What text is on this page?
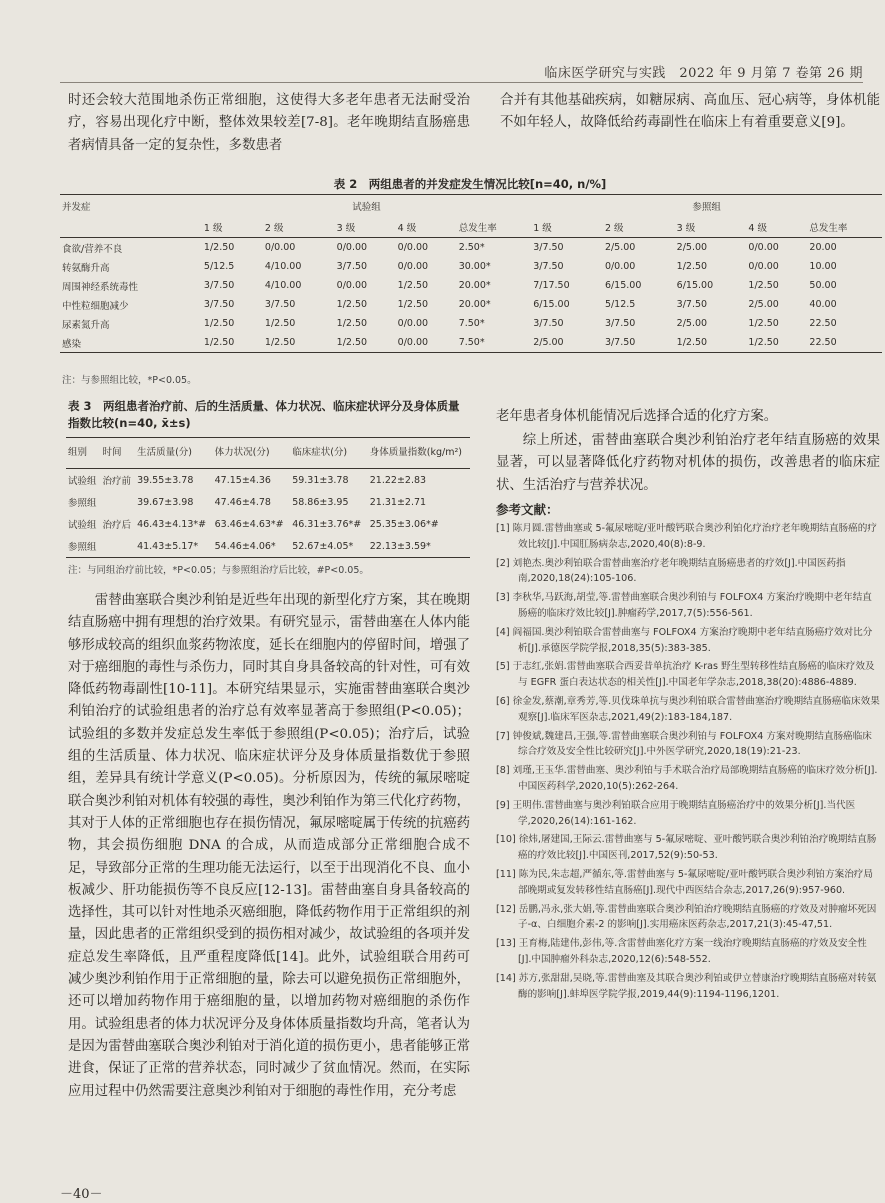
临床医学研究与实践　2022 年 9 月第 7 卷第 26 期
时还会较大范围地杀伤正常细胞，这使得大多老年患者无法耐受治疗，容易出现化疗中断，整体效果较差[7-8]。老年晚期结直肠癌患者病情具备一定的复杂性，多数患者
合并有其他基础疾病，如糖尿病、高血压、冠心病等，身体机能不如年轻人，故降低给药毒副性在临床上有着重要意义[9]。
表 2　两组患者的并发症发生情况比较[n=40, n/%]
并发症	试验组					参照组				
	1 级	2 级	3 级	4 级	总发生率	1 级	2 级	3 级	4 级	总发生率
食欲/营养不良	1/2.50	0/0.00	0/0.00	0/0.00	2.50*	3/7.50	2/5.00	2/5.00	0/0.00	20.00
转氨酶升高	5/12.5	4/10.00	3/7.50	0/0.00	30.00*	3/7.50	0/0.00	1/2.50	0/0.00	10.00
周围神经系统毒性	3/7.50	4/10.00	0/0.00	1/2.50	20.00*	7/17.50	6/15.00	6/15.00	1/2.50	50.00
中性粒细胞减少	3/7.50	3/7.50	1/2.50	1/2.50	20.00*	6/15.00	5/12.5	3/7.50	2/5.00	40.00
尿素氮升高	1/2.50	1/2.50	1/2.50	0/0.00	7.50*	3/7.50	3/7.50	2/5.00	1/2.50	22.50
感染	1/2.50	1/2.50	1/2.50	0/0.00	7.50*	2/5.00	3/7.50	1/2.50	1/2.50	22.50
注：与参照组比较，*P<0.05。
表 3　两组患者治疗前、后的生活质量、体力状况、临床症状评分及身体质量指数比较(n=40, x̄±s)
组别	时间	生活质量(分)	体力状况(分)	临床症状(分)	身体质量指数(kg/m²)
试验组	治疗前	39.55±3.78	47.15±4.36	59.31±3.78	21.22±2.83
参照组		39.67±3.98	47.46±4.78	58.86±3.95	21.31±2.71
试验组	治疗后	46.43±4.13*#	63.46±4.63*#	46.31±3.76*#	25.35±3.06*#
参照组		41.43±5.17*	54.46±4.06*	52.67±4.05*	22.13±3.59*
注：与同组治疗前比较，*P<0.05；与参照组治疗后比较，#P<0.05。
雷替曲塞联合奥沙利铂是近些年出现的新型化疗方案，其在晚期结直肠癌中拥有理想的治疗效果。有研究显示，雷替曲塞在人体内能够形成较高的组织血浆药物浓度，延长在细胞内的停留时间，增强了对于癌细胞的毒性与杀伤力，同时其自身具备较高的针对性，可有效降低药物毒副性[10-11]。本研究结果显示，实施雷替曲塞联合奥沙利铂治疗的试验组患者的治疗总有效率显著高于参照组(P<0.05)；试验组的多数并发症总发生率低于参照组(P<0.05)；治疗后，试验组的生活质量、体力状况、临床症状评分及身体质量指数优于参照组，差异具有统计学意义(P<0.05)。分析原因为，传统的氟尿嘧啶联合奥沙利铂对机体有较强的毒性，奥沙利铂作为第三代化疗药物，其对于人体的正常细胞也存在损伤情况，氟尿嘧啶属于传统的抗癌药物，其会损伤细胞 DNA 的合成，从而造成部分正常细胞合成不足，导致部分正常的生理功能无法运行，以至于出现消化不良、血小板减少、肝功能损伤等不良反应[12-13]。雷替曲塞自身具备较高的选择性，其可以针对性地杀灭癌细胞，降低药物作用于正常组织的剂量，因此患者的正常组织受到的损伤相对减少，故试验组的各项并发症总发生率降低，且严重程度降低[14]。此外，试验组联合用药可减少奥沙利铂作用于正常细胞的量，除去可以避免损伤正常细胞外，还可以增加药物作用于癌细胞的量，以增加药物对癌细胞的杀伤作用。试验组患者的体力状况评分及身体体质量指数均升高，笔者认为是因为雷替曲塞联合奥沙利铂对于消化道的损伤更小，患者能够正常进食，保证了正常的营养状态，同时减少了贫血情况。然而，在实际应用过程中仍然需要注意奥沙利铂对于细胞的毒性作用，充分考虑
老年患者身体机能情况后选择合适的化疗方案。
综上所述，雷替曲塞联合奥沙利铂治疗老年结直肠癌的效果显著，可以显著降低化疗药物对机体的损伤，改善患者的临床症状、生活治疗与营养状况。
参考文献：
[1] 陈月圆.雷替曲塞或 5-氟尿嘧啶/亚叶酸钙联合奥沙利铂化疗治疗老年晚期结直肠癌的疗效比较[J].中国肛肠病杂志,2020,40(8):8-9.
[2] 刘艳杰.奥沙利铂联合雷替曲塞治疗老年晚期结直肠癌患者的疗效[J].中国医药指南,2020,18(24):105-106.
[3] 李秋华,马跃海,胡莹,等.雷替曲塞联合奥沙利铂与 FOLFOX4 方案治疗晚期中老年结直肠癌的临床疗效比较[J].肿瘤药学,2017,7(5):556-561.
[4] 阎福国.奥沙利铂联合雷替曲塞与 FOLFOX4 方案治疗晚期中老年结直肠癌疗效对比分析[J].承德医学院学报,2018,35(5):383-385.
[5] 于志红,张娟.雷替曲塞联合西妥昔单抗治疗 K-ras 野生型转移性结直肠癌的临床疗效及与 EGFR 蛋白表达状态的相关性[J].中国老年学杂志,2018,38(20):4886-4889.
[6] 徐金发,蔡潮,章秀芳,等.贝伐珠单抗与奥沙利铂联合雷替曲塞治疗晚期结直肠癌临床效果观察[J].临床军医杂志,2021,49(2):183-184,187.
[7] 钟俊斌,魏建昌,王强,等.雷替曲塞联合奥沙利铂与 FOLFOX4 方案对晚期结直肠癌临床综合疗效及安全性比较研究[J].中外医学研究,2020,18(19):21-23.
[8] 刘瑾,王玉华.雷替曲塞、奥沙利铂与手术联合治疗局部晚期结直肠癌的临床疗效分析[J].中国医药科学,2020,10(5):262-264.
[9] 王明伟.雷替曲塞与奥沙利铂联合应用于晚期结直肠癌治疗中的效果分析[J].当代医学,2020,26(14):161-162.
[10] 徐炜,屠建国,王际云.雷替曲塞与 5-氟尿嘧啶、亚叶酸钙联合奥沙利铂治疗晚期结直肠癌的疗效比较[J].中国医刊,2017,52(9):50-53.
[11] 陈为民,朱志超,严循东,等.雷替曲塞与 5-氟尿嘧啶/亚叶酸钙联合奥沙利铂方案治疗局部晚期或复发转移性结直肠癌[J].现代中西医结合杂志,2017,26(9):957-960.
[12] 岳鹏,冯永,张大娟,等.雷替曲塞联合奥沙利铂治疗晚期结直肠癌的疗效及对肿瘤坏死因子-α、白细胞介素-2 的影响[J].实用癌床医药杂志,2017,21(3):45-47,51.
[13] 王育梅,陆建伟,彭伟,等.含雷替曲塞化疗方案一线治疗晚期结直肠癌的疗效及安全性[J].中国肿瘤外科杂志,2020,12(6):548-552.
[14] 苏方,张甜甜,吴晓,等.雷替曲塞及其联合奥沙利铂或伊立替康治疗晚期结直肠癌对转氨酶的影响[J].蚌埠医学院学报,2019,44(9):1194-1196,1201.
－40－
